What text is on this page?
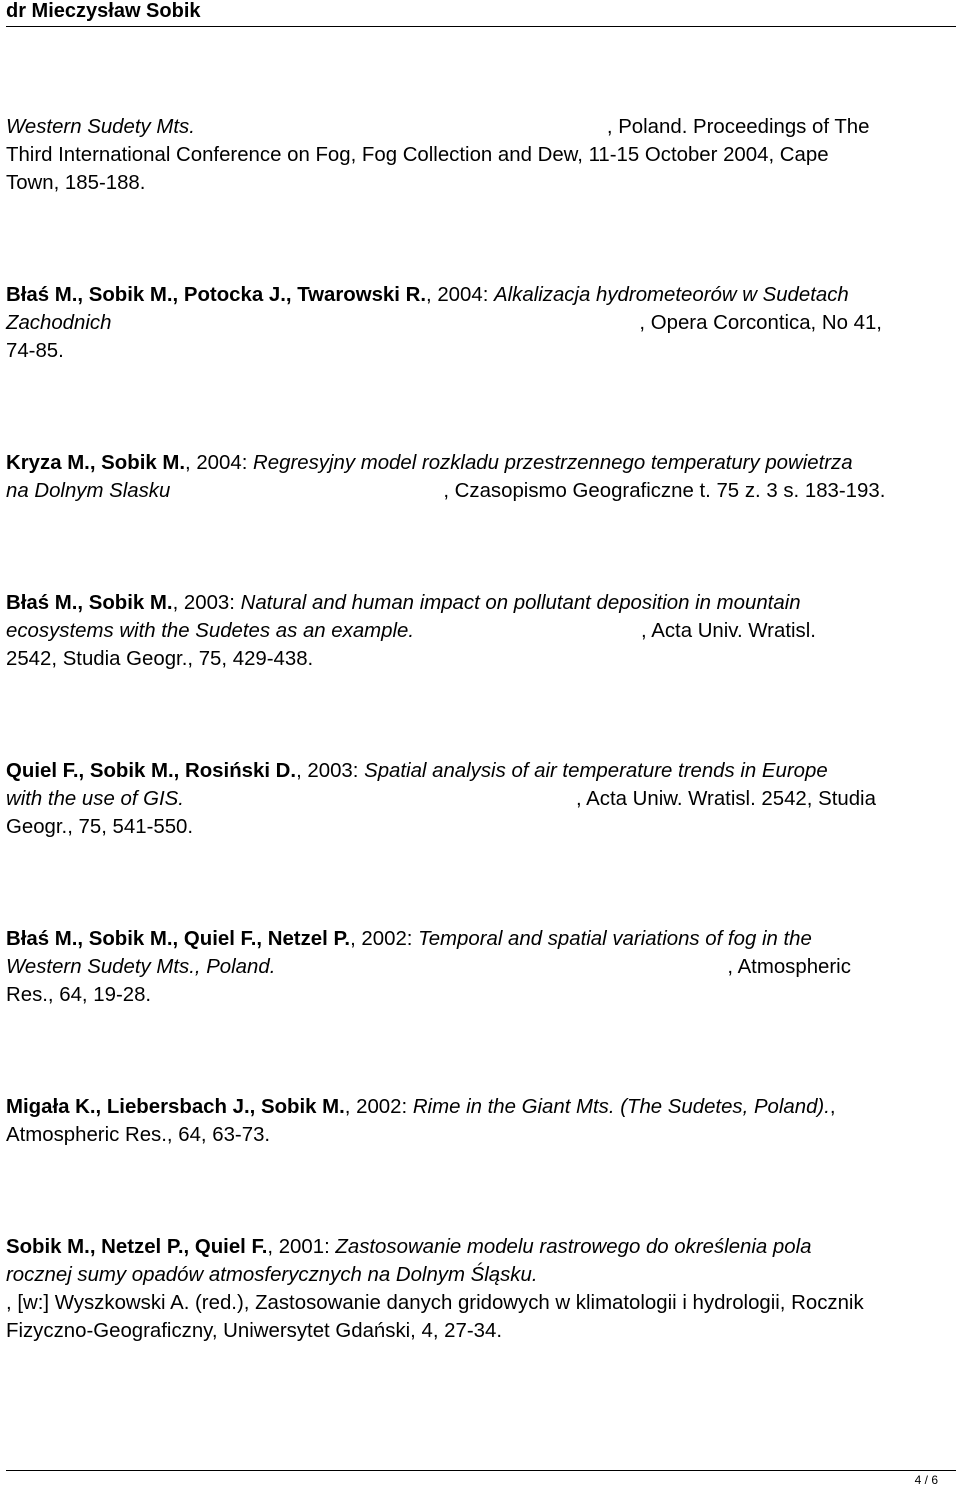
dr Mieczysław Sobik
Western Sudety Mts.	, Poland. Proceedings of The
Third International Conference on Fog, Fog Collection and Dew, 11-15 October 2004, Cape
Town, 185-188.
Błaś M., Sobik M., Potocka J., Twarowski R., 2004: Alkalizacja hydrometeorów w Sudetach
Zachodnich	, Opera Corcontica, No 41,
74-85.
Kryza M., Sobik M., 2004: Regresyjny model rozkladu przestrzennego temperatury powietrza
na Dolnym Slasku	, Czasopismo Geograficzne t. 75 z. 3 s. 183-193.
Błaś M., Sobik M., 2003: Natural and human impact on pollutant deposition in mountain
ecosystems with the Sudetes as an example.	, Acta Univ. Wratisl.
2542, Studia Geogr., 75, 429-438.
Quiel F., Sobik M., Rosiński D., 2003: Spatial analysis of air temperature trends in Europe
with the use of GIS.	, Acta Uniw. Wratisl. 2542, Studia
Geogr., 75, 541-550.
Błaś M., Sobik M., Quiel F., Netzel P., 2002: Temporal and spatial variations of fog in the
Western Sudety Mts., Poland.	, Atmospheric
Res., 64, 19-28.
Migała K., Liebersbach J., Sobik M., 2002: Rime in the Giant Mts. (The Sudetes, Poland).,
Atmospheric Res., 64, 63-73.
Sobik M., Netzel P., Quiel F., 2001: Zastosowanie modelu rastrowego do określenia pola
rocznej sumy opadów atmosferycznych na Dolnym Śląsku.
, [w:] Wyszkowski A. (red.), Zastosowanie danych gridowych w klimatologii i hydrologii, Rocznik
Fizyczno-Geograficzny, Uniwersytet Gdański, 4, 27-34.
4 / 6
